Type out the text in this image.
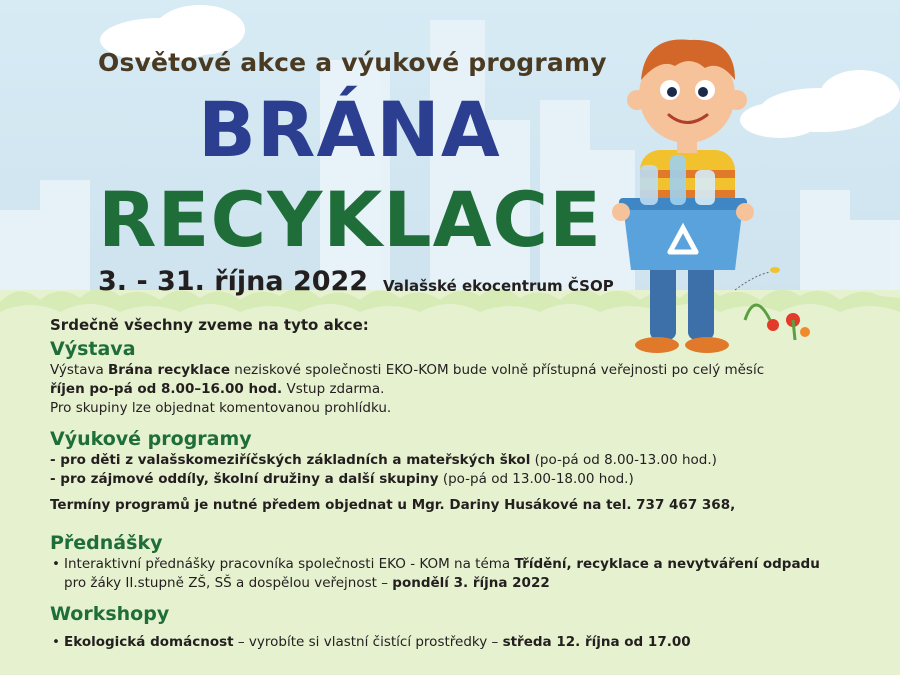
Osvětové akce a výukové programy
BRÁNA
RECYKLACE
3. - 31. října 2022 Valašské ekocentrum ČSOP
Srdečně všechny zveme na tyto akce:
Výstava

Výstava Brána recyklace neziskové společnosti EKO-KOM bude volně přístupná veřejnosti po celý měsíc

říjen po-pá od 8.00–16.00 hod. Vstup zdarma.

Pro skupiny lze objednat komentovanou prohlídku.

Výukové programy

- pro děti z valašskomeziříčských základních a mateřských škol (po-pá od 8.00-13.00 hod.)

- pro zájmové oddíly, školní družiny a další skupiny (po-pá od 13.00-18.00 hod.)

Termíny programů je nutné předem objednat u Mgr. Dariny Husákové na tel. 737 467 368,

Přednášky

• Interaktivní přednášky pracovníka společnosti EKO - KOM na téma Třídění, recyklace a nevytváření odpadu

pro žáky II.stupně ZŠ, SŠ a dospělou veřejnost – pondělí 3. října 2022

Workshopy

• Ekologická domácnost – vyrobíte si vlastní čistící prostředky – středa 12. října od 17.00
